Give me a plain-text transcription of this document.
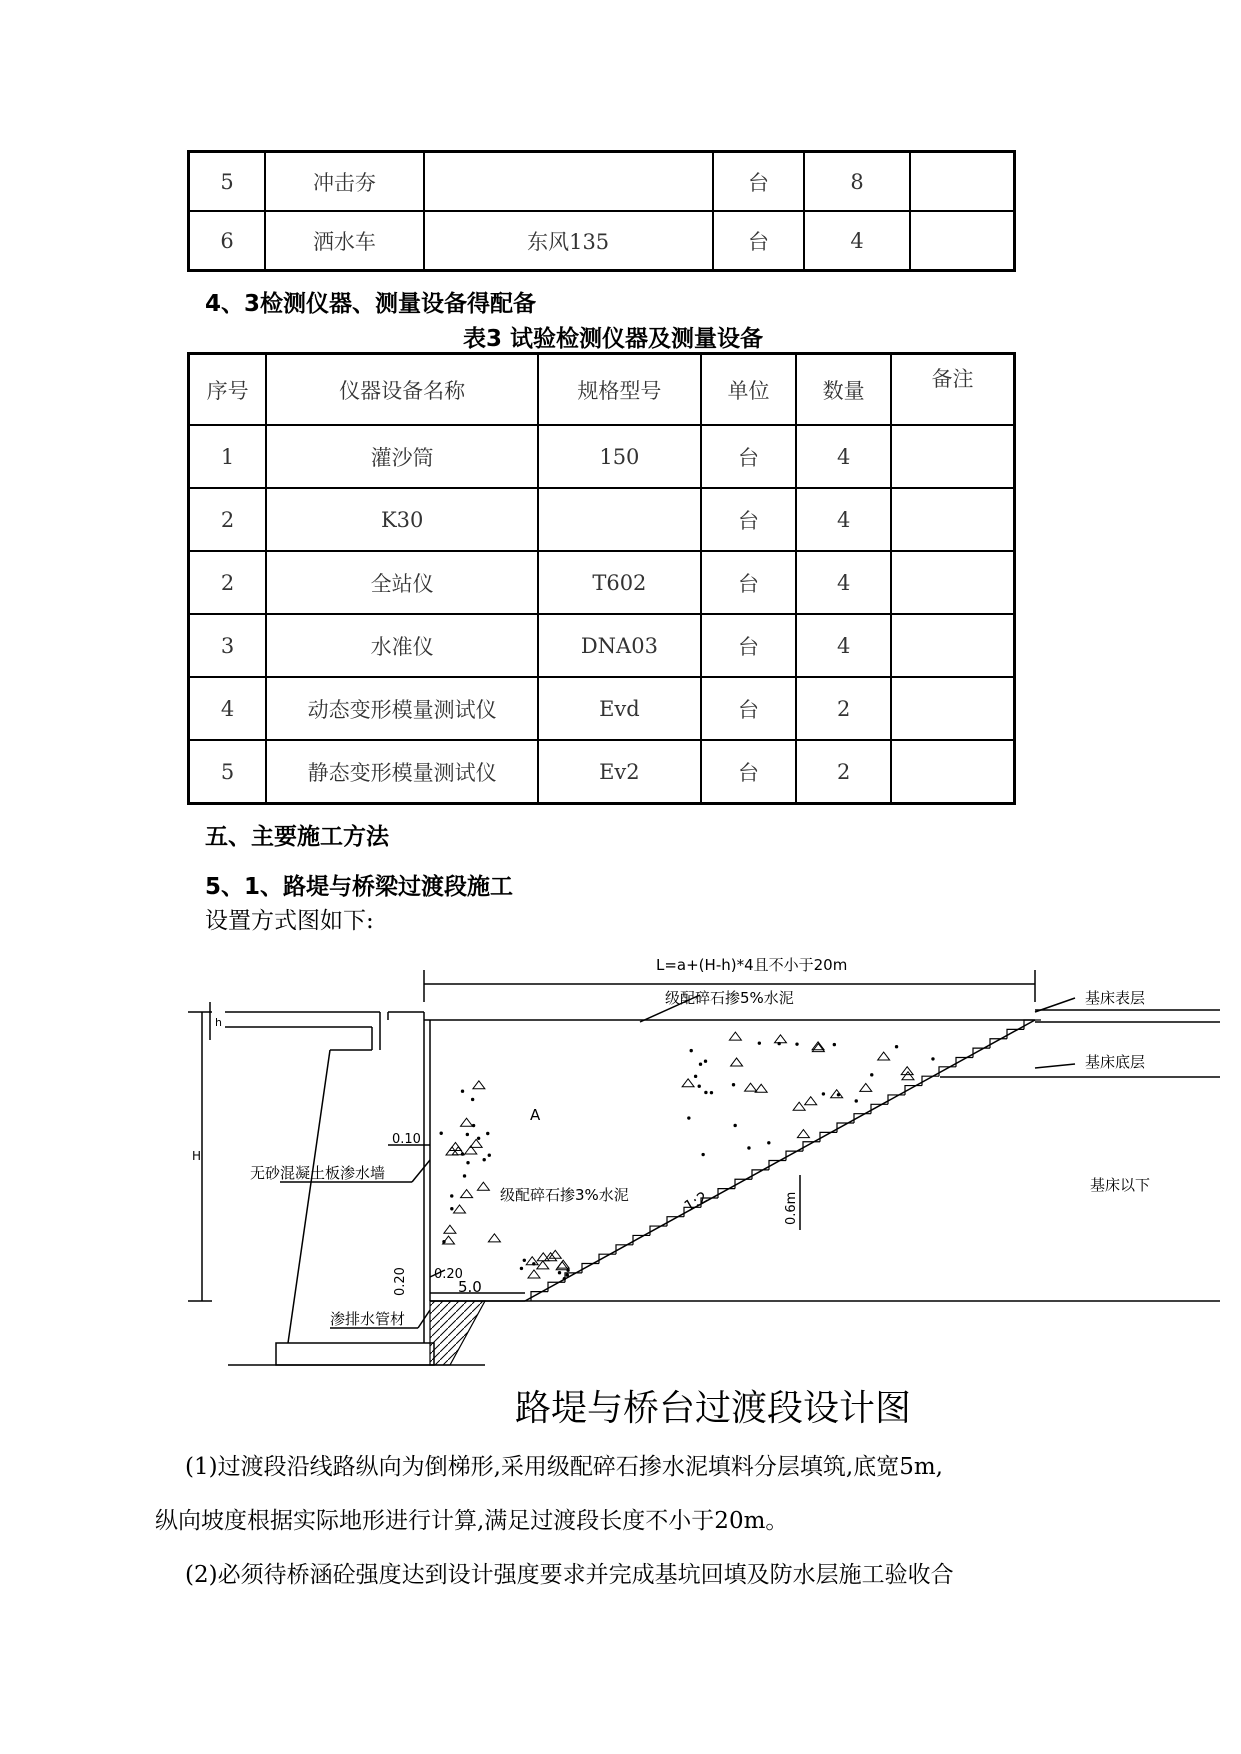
5	冲击夯		台	8	
6	洒水车	东风135	台	4	
4、3检测仪器、测量设备得配备
表3 试验检测仪器及测量设备
序号	仪器设备名称	规格型号	单位	数量	备注
1	灌沙筒	150	台	4	
2	K30		台	4	
2	全站仪	T602	台	4	
3	水准仪	DNA03	台	4	
4	动态变形模量测试仪	Evd	台	2	
5	静态变形模量测试仪	Ev2	台	2	
五、主要施工方法
5、1、路堤与桥梁过渡段施工
设置方式图如下:
L=a+(H-h)*4且不小于20m
级配碎石掺5%水泥	基床表层
基床底层
基床以下
h
H
0.10
无砂混凝土板渗水墙
A
级配碎石掺3%水泥	1:2	0.6m
0.20 0.20
5.0
渗排水管材
路堤与桥台过渡段设计图
(1)过渡段沿线路纵向为倒梯形,采用级配碎石掺水泥填料分层填筑,底宽5m,
纵向坡度根据实际地形进行计算,满足过渡段长度不小于20m。
(2)必须待桥涵砼强度达到设计强度要求并完成基坑回填及防水层施工验收合
